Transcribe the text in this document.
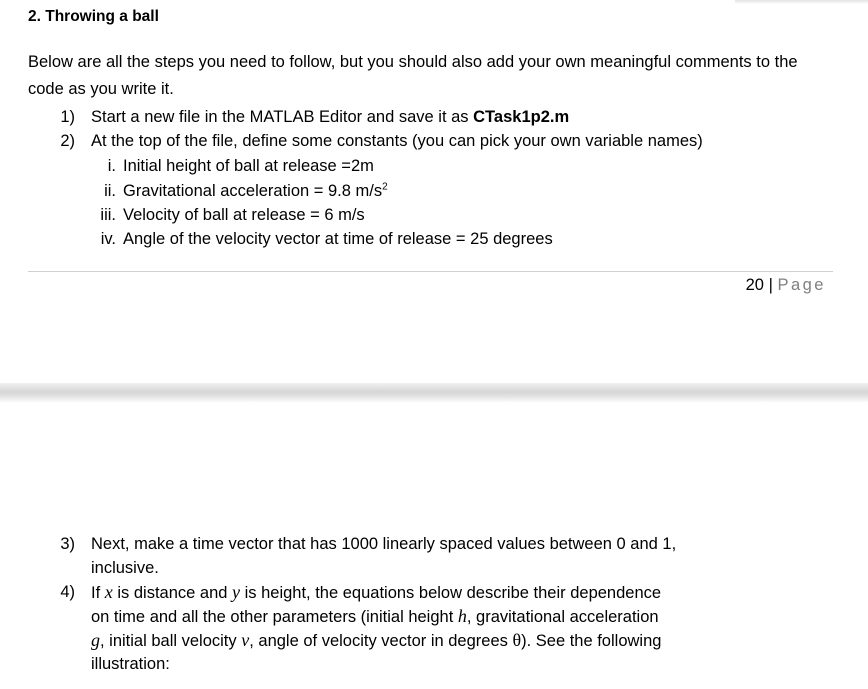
2. Throwing a ball

Below are all the steps you need to follow, but you should also add your own meaningful comments to the code as you write it.

1) Start a new file in the MATLAB Editor and save it as CTask1p2.m
2) At the top of the file, define some constants (you can pick your own variable names)
i. Initial height of ball at release =2m
ii. Gravitational acceleration = 9.8 $m/s^2$
iii. Velocity of ball at release = 6 m/s
iv. Angle of the velocity vector at time of release = 25 degrees
20 | Page
3) Next, make a time vector that has 1000 linearly spaced values between 0 and 1,
inclusive.
4) If x is distance and y is height, the equations below describe their dependence
on time and all the other parameters (initial height h, gravitational acceleration
g, initial ball velocity v, angle of velocity vector in degrees θ). See the following
illustration:
